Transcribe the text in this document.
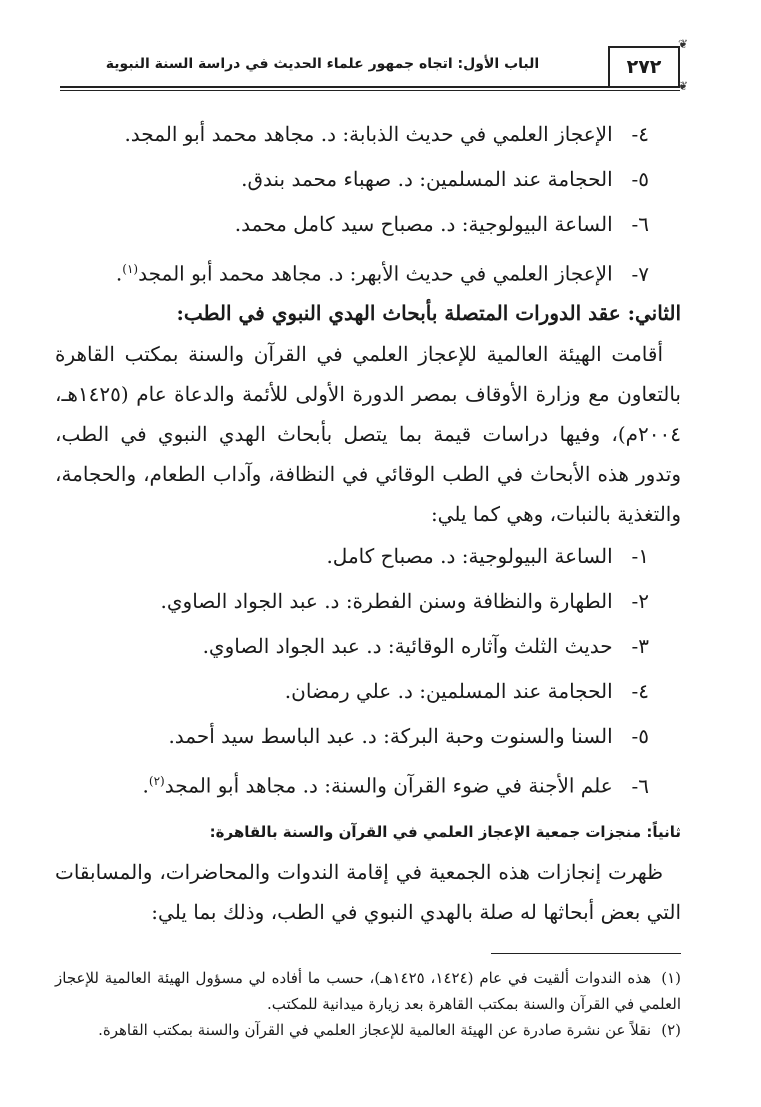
الباب الأول: اتجاه جمهور علماء الحديث في دراسة السنة النبوية	٢٧٢
❦
❦
٤- الإعجاز العلمي في حديث الذبابة: د. مجاهد محمد أبو المجد.
٥- الحجامة عند المسلمين: د. صهباء محمد بندق.
٦- الساعة البيولوجية: د. مصباح سيد كامل محمد.
٧- الإعجاز العلمي في حديث الأبهر: د. مجاهد محمد أبو المجد$^{(١)}$.
الثاني: عقد الدورات المتصلة بأبحاث الهدي النبوي في الطب:
أقامت الهيئة العالمية للإعجاز العلمي في القرآن والسنة بمكتب القاهرة بالتعاون مع وزارة الأوقاف بمصر الدورة الأولى للأئمة والدعاة عام (١٤٢٥هـ، ٢٠٠٤م)، وفيها دراسات قيمة بما يتصل بأبحاث الهدي النبوي في الطب، وتدور هذه الأبحاث في الطب الوقائي في النظافة، وآداب الطعام، والحجامة، والتغذية بالنبات، وهي كما يلي:
١- الساعة البيولوجية: د. مصباح كامل.
٢- الطهارة والنظافة وسنن الفطرة: د. عبد الجواد الصاوي.
٣- حديث الثلث وآثاره الوقائية: د. عبد الجواد الصاوي.
٤- الحجامة عند المسلمين: د. علي رمضان.
٥- السنا والسنوت وحبة البركة: د. عبد الباسط سيد أحمد.
٦- علم الأجنة في ضوء القرآن والسنة: د. مجاهد أبو المجد$^{(٢)}$.
ثانياً: منجزات جمعية الإعجاز العلمي في القرآن والسنة بالقاهرة:
ظهرت إنجازات هذه الجمعية في إقامة الندوات والمحاضرات، والمسابقات التي بعض أبحاثها له صلة بالهدي النبوي في الطب، وذلك بما يلي:
(١)هذه الندوات ألقيت في عام (١٤٢٤، ١٤٢٥هـ)، حسب ما أفاده لي مسؤول الهيئة العالمية للإعجاز العلمي في القرآن والسنة بمكتب القاهرة بعد زيارة ميدانية للمكتب.
(٢)نقلاً عن نشرة صادرة عن الهيئة العالمية للإعجاز العلمي في القرآن والسنة بمكتب القاهرة.
